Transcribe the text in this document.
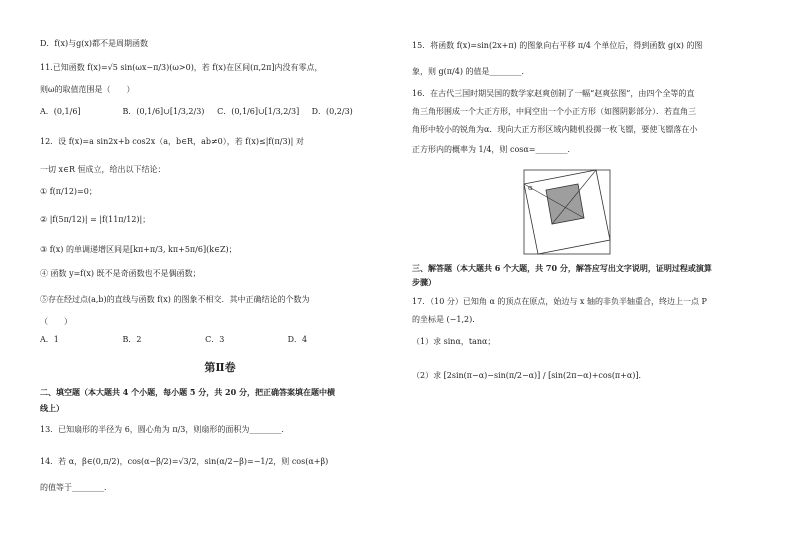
D．f(x)与g(x)都不是周期函数
11.已知函数 f(x)=√5 sin(ωx−π/3)(ω>0)，若 f(x)在区间(π,2π]内没有零点，
则ω的取值范围是（　　）
A．(0,1/6]	B．(0,1/6]∪[1/3,2/3) C．(0,1/6]∪[1/3,2/3] D．(0,2/3)
12．设 f(x)=a sin2x+b cos2x（a，b∈R，ab≠0），若 f(x)≤|f(π/3)| 对
一切 x∈R 恒成立，给出以下结论：
① f(π/12)=0；
② |f(5π/12)| = |f(11π/12)|；
③ f(x) 的单调递增区间是[kπ+π/3, kπ+5π/6](k∈Z)；
④ 函数 y=f(x) 既不是奇函数也不是偶函数；
⑤存在经过点(a,b)的直线与函数 f(x) 的图象不相交．其中正确结论的个数为
（　　）
A．1	B．2	C．3	D．4
第Ⅱ卷
二、填空题（本大题共 4 个小题，每小题 5 分，共 20 分，把正确答案填在题中横
线上）
13．已知扇形的半径为 6，圆心角为 π/3，则扇形的面积为________．
14．若 α，β∈(0,π/2)，cos(α−β/2)=√3/2，sin(α/2−β)=−1/2，则 cos(α+β)
的值等于________．
15．将函数 f(x)=sin(2x+π) 的图象向右平移 π/4 个单位后，得到函数 g(x) 的图
象，则 g(π/4) 的值是________．
16．在古代三国时期吴国的数学家赵爽创制了一幅“赵爽弦图”，由四个全等的直
角三角形围成一个大正方形，中间空出一个小正方形（如图阴影部分）．若直角三
角形中较小的锐角为α．现向大正方形区域内随机投掷一枚飞镖，要使飞镖落在小
正方形内的概率为 1/4，则 cosα=________．
α
三、解答题（本大题共 6 个大题，共 70 分，解答应写出文字说明，证明过程或演算
步骤）
17．（10 分）已知角 α 的顶点在原点，始边与 x 轴的非负半轴重合，终边上一点 P
的坐标是 (−1,2)．
（1）求 sinα，tanα；
（2）求 [2sin(π−α)−sin(π/2−α)] / [sin(2π−α)+cos(π+α)]．
